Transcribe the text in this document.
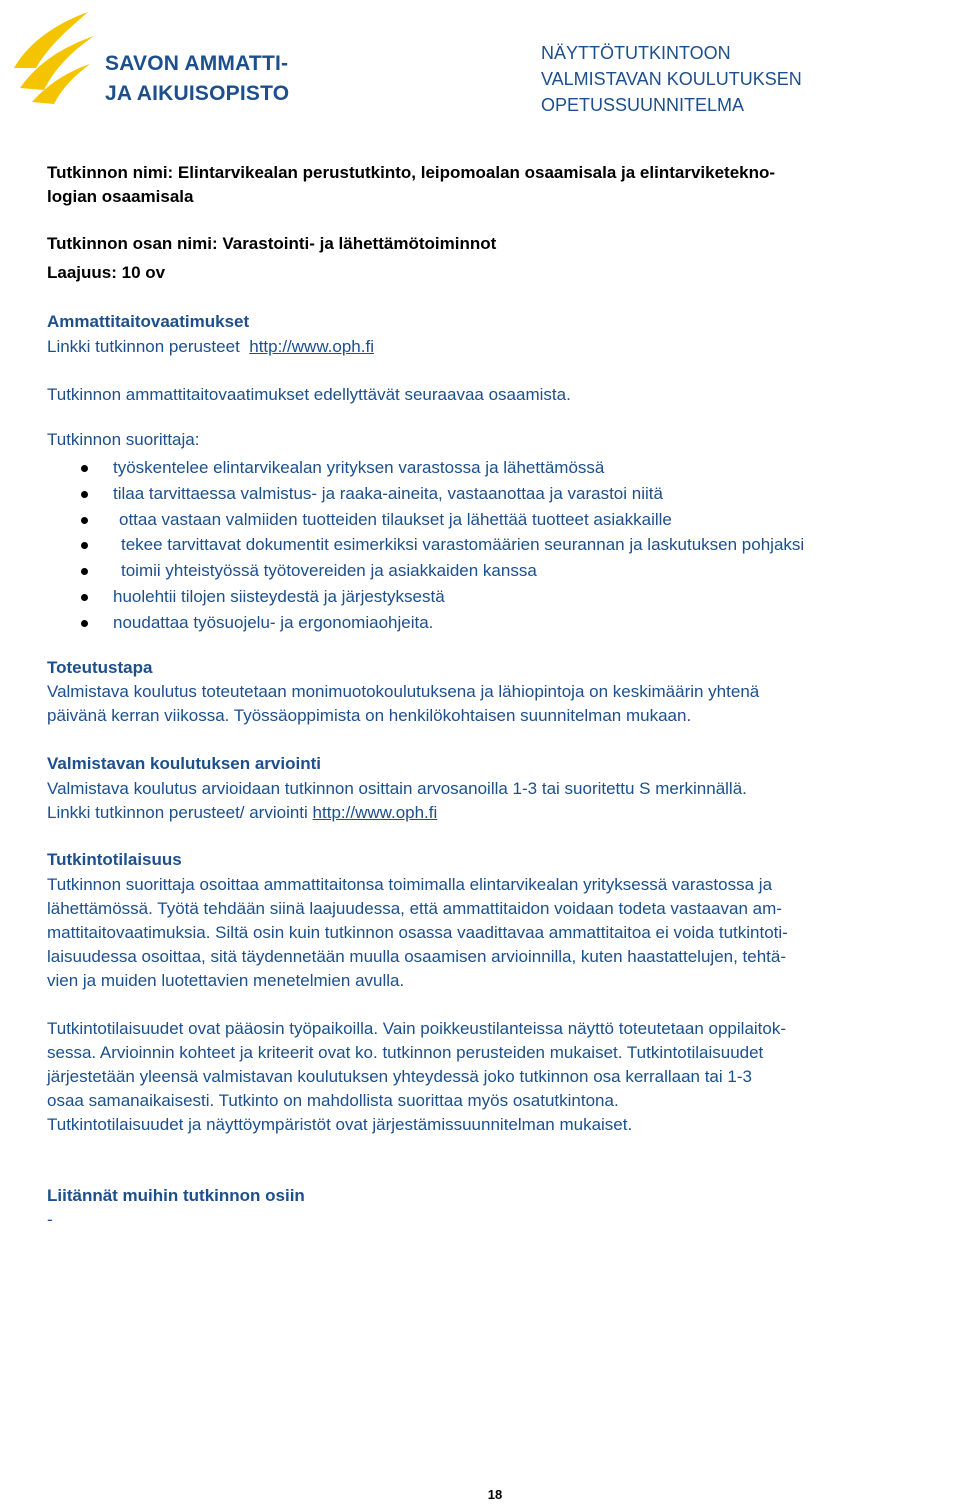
SAVON AMMATTI-
JA AIKUISOPISTO
NÄYTTÖTUTKINTOON
VALMISTAVAN KOULUTUKSEN
OPETUSSUUNNITELMA
Tutkinnon nimi: Elintarvikealan perustutkinto, leipomoalan osaamisala ja elintarviketekno-
logian osaamisala
Tutkinnon osan nimi: Varastointi- ja lähettämötoiminnot
Laajuus: 10 ov
Ammattitaitovaatimukset
Linkki tutkinnon perusteet http://www.oph.fi
Tutkinnon ammattitaitovaatimukset edellyttävät seuraavaa osaamista.
Tutkinnon suorittaja:
työskentelee elintarvikealan yrityksen varastossa ja lähettämössä
tilaa tarvittaessa valmistus- ja raaka-aineita, vastaanottaa ja varastoi niitä
ottaa vastaan valmiiden tuotteiden tilaukset ja lähettää tuotteet asiakkaille
tekee tarvittavat dokumentit esimerkiksi varastomäärien seurannan ja laskutuksen pohjaksi
toimii yhteistyössä työtovereiden ja asiakkaiden kanssa
huolehtii tilojen siisteydestä ja järjestyksestä
noudattaa työsuojelu- ja ergonomiaohjeita.
Toteutustapa
Valmistava koulutus toteutetaan monimuotokoulutuksena ja lähiopintoja on keskimäärin yhtenä
päivänä kerran viikossa. Työssäoppimista on henkilökohtaisen suunnitelman mukaan.
Valmistavan koulutuksen arviointi
Valmistava koulutus arvioidaan tutkinnon osittain arvosanoilla 1-3 tai suoritettu S merkinnällä.
Linkki tutkinnon perusteet/ arviointi http://www.oph.fi
Tutkintotilaisuus
Tutkinnon suorittaja osoittaa ammattitaitonsa toimimalla elintarvikealan yrityksessä varastossa ja
lähettämössä. Työtä tehdään siinä laajuudessa, että ammattitaidon voidaan todeta vastaavan am-
mattitaitovaatimuksia. Siltä osin kuin tutkinnon osassa vaadittavaa ammattitaitoa ei voida tutkintoti-
laisuudessa osoittaa, sitä täydennetään muulla osaamisen arvioinnilla, kuten haastattelujen, tehtä-
vien ja muiden luotettavien menetelmien avulla.
Tutkintotilaisuudet ovat pääosin työpaikoilla. Vain poikkeustilanteissa näyttö toteutetaan oppilaitok-
sessa. Arvioinnin kohteet ja kriteerit ovat ko. tutkinnon perusteiden mukaiset. Tutkintotilaisuudet
järjestetään yleensä valmistavan koulutuksen yhteydessä joko tutkinnon osa kerrallaan tai 1-3
osaa samanaikaisesti. Tutkinto on mahdollista suorittaa myös osatutkintona.
Tutkintotilaisuudet ja näyttöympäristöt ovat järjestämissuunnitelman mukaiset.
Liitännät muihin tutkinnon osiin
-
18
